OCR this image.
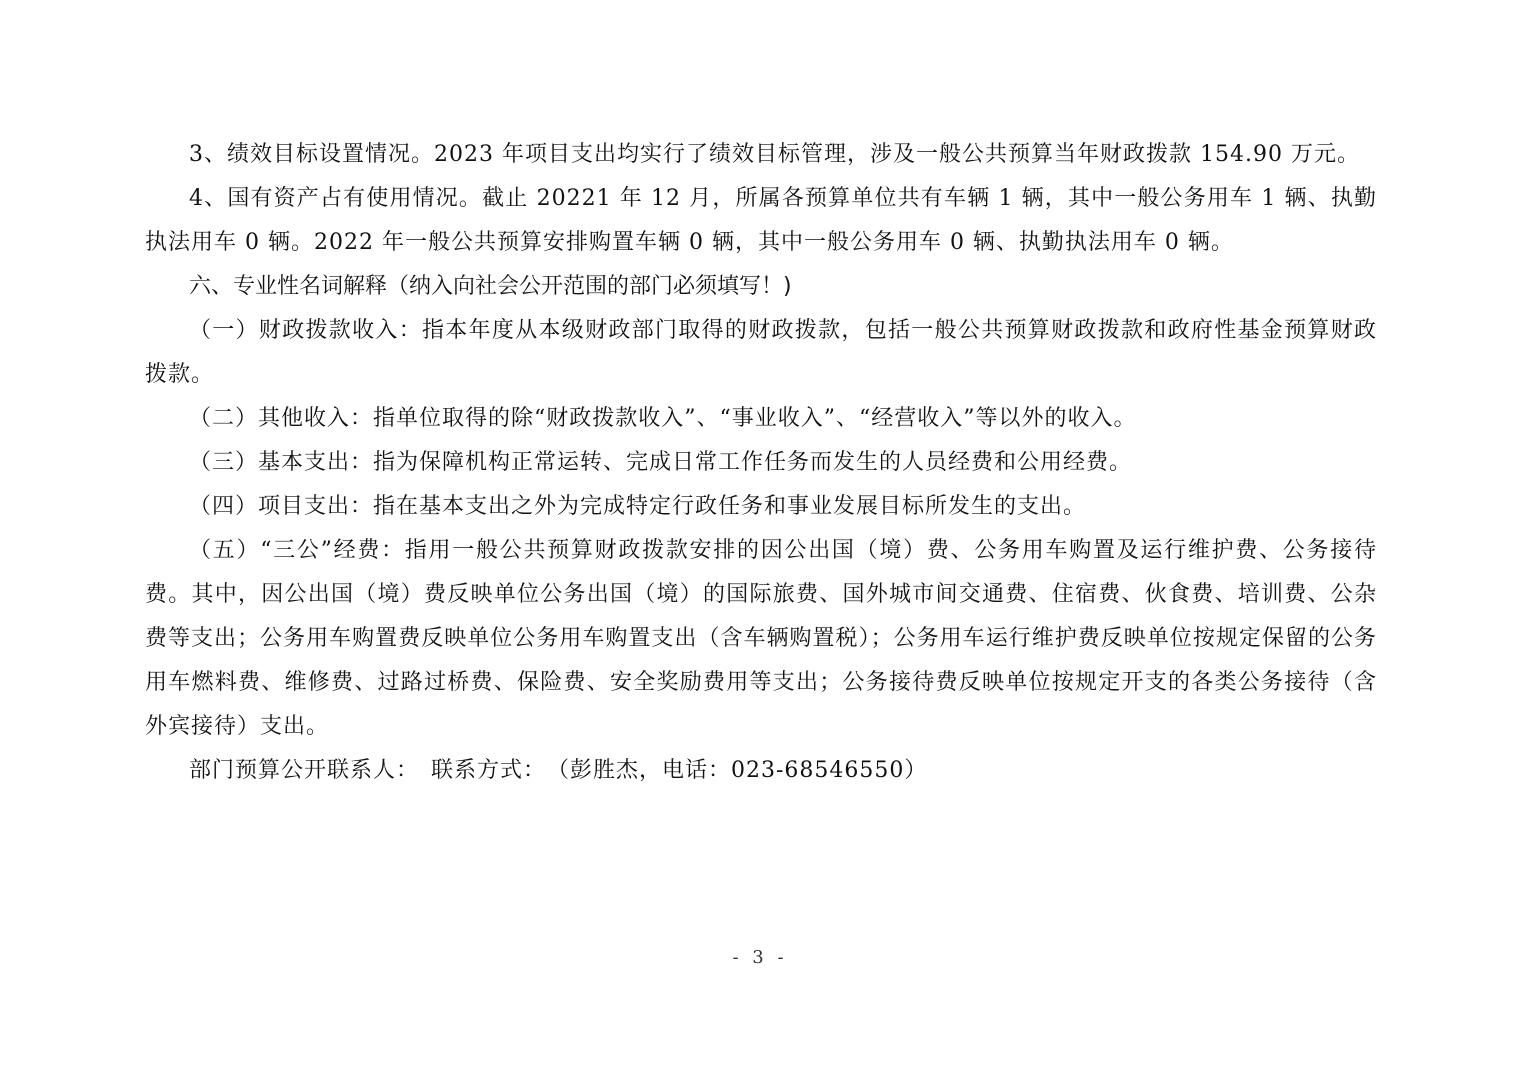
3、绩效目标设置情况。2023 年项目支出均实行了绩效目标管理，涉及一般公共预算当年财政拨款 154.90 万元。

4、国有资产占有使用情况。截止 20221 年 12 月，所属各预算单位共有车辆 1 辆，其中一般公务用车 1 辆、执勤执法用车 0 辆。2022 年一般公共预算安排购置车辆 0 辆，其中一般公务用车 0 辆、执勤执法用车 0 辆。

六、专业性名词解释（纳入向社会公开范围的部门必须填写！)

（一）财政拨款收入：指本年度从本级财政部门取得的财政拨款，包括一般公共预算财政拨款和政府性基金预算财政拨款。

（二）其他收入：指单位取得的除“财政拨款收入”、“事业收入”、“经营收入”等以外的收入。

（三）基本支出：指为保障机构正常运转、完成日常工作任务而发生的人员经费和公用经费。

（四）项目支出：指在基本支出之外为完成特定行政任务和事业发展目标所发生的支出。

（五）“三公”经费：指用一般公共预算财政拨款安排的因公出国（境）费、公务用车购置及运行维护费、公务接待费。其中，因公出国（境）费反映单位公务出国（境）的国际旅费、国外城市间交通费、住宿费、伙食费、培训费、公杂费等支出；公务用车购置费反映单位公务用车购置支出（含车辆购置税）；公务用车运行维护费反映单位按规定保留的公务用车燃料费、维修费、过路过桥费、保险费、安全奖励费用等支出；公务接待费反映单位按规定开支的各类公务接待（含外宾接待）支出。

部门预算公开联系人：　联系方式：　（彭胜杰，电话：023-68546550）

- 3 -
